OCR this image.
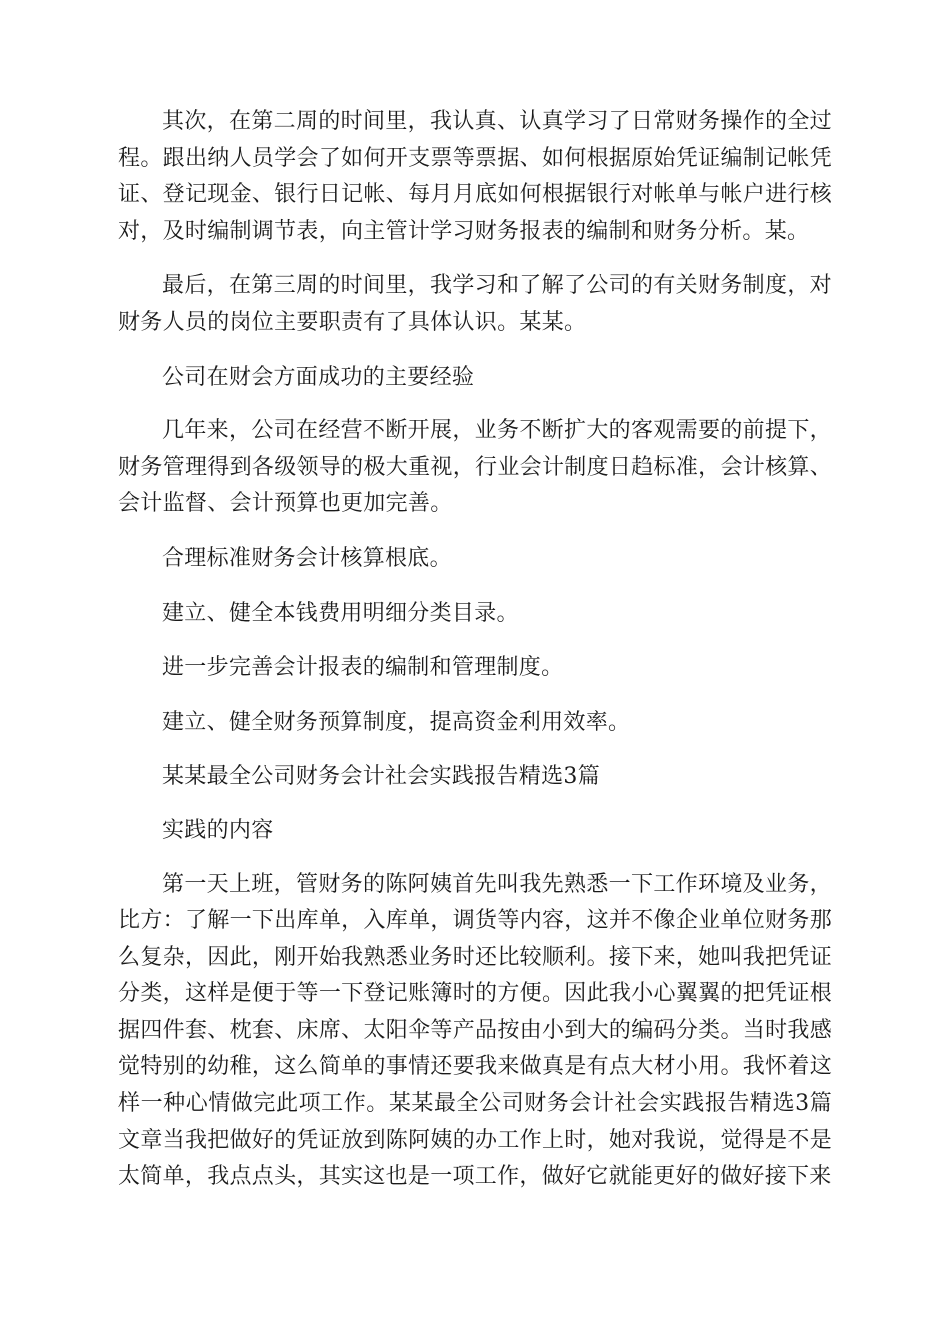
其次，在第二周的时间里，我认真、认真学习了日常财务操作的全过程。跟出纳人员学会了如何开支票等票据、如何根据原始凭证编制记帐凭证、登记现金、银行日记帐、每月月底如何根据银行对帐单与帐户进行核对，及时编制调节表，向主管计学习财务报表的编制和财务分析。某。

最后，在第三周的时间里，我学习和了解了公司的有关财务制度，对财务人员的岗位主要职责有了具体认识。某某。

公司在财会方面成功的主要经验

几年来，公司在经营不断开展，业务不断扩大的客观需要的前提下，财务管理得到各级领导的极大重视，行业会计制度日趋标准，会计核算、会计监督、会计预算也更加完善。

合理标准财务会计核算根底。

建立、健全本钱费用明细分类目录。

进一步完善会计报表的编制和管理制度。

建立、健全财务预算制度，提高资金利用效率。

某某最全公司财务会计社会实践报告精选3篇

实践的内容

第一天上班，管财务的陈阿姨首先叫我先熟悉一下工作环境及业务，比方：了解一下出库单，入库单，调货等内容，这并不像企业单位财务那么复杂，因此，刚开始我熟悉业务时还比较顺利。接下来，她叫我把凭证分类，这样是便于等一下登记账簿时的方便。因此我小心翼翼的把凭证根据四件套、枕套、床席、太阳伞等产品按由小到大的编码分类。当时我感觉特别的幼稚，这么简单的事情还要我来做真是有点大材小用。我怀着这样一种心情做完此项工作。某某最全公司财务会计社会实践报告精选3篇文章当我把做好的凭证放到陈阿姨的办工作上时，她对我说，觉得是不是太简单，我点点头，其实这也是一项工作，做好它就能更好的做好接下来
